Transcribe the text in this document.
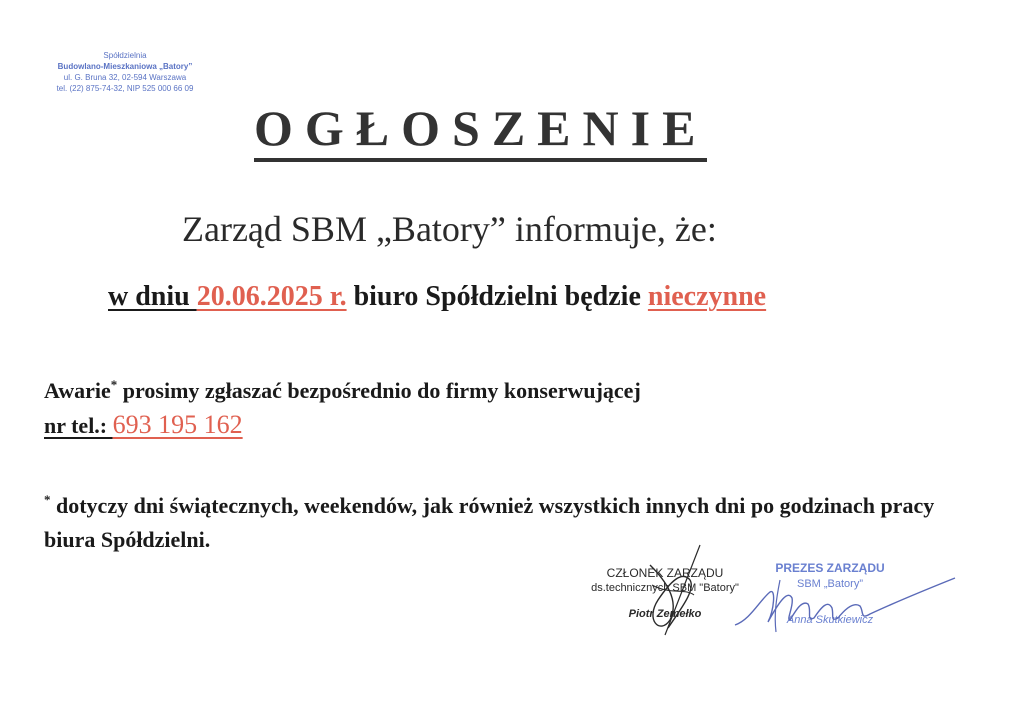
Spółdzielnia
Budowlano-Mieszkaniowa „Batory”
ul. G. Bruna 32, 02-594 Warszawa
tel. (22) 875-74-32, NIP 525 000 66 09
OGŁOSZENIE
Zarząd SBM „Batory” informuje, że:
w dniu 20.06.2025 r. biuro Spółdzielni będzie nieczynne
Awarie* prosimy zgłaszać bezpośrednio do firmy konserwującej
nr tel.: 693 195 162
* dotyczy dni świątecznych, weekendów, jak również wszystkich innych dni po godzinach pracy biura Spółdzielni.
CZŁONEK ZARZĄDU
ds.technicznych SBM "Batory"
Piotr Zemełko
PREZES ZARZĄDU
SBM „Batory”
Anna Skutkiewicz
